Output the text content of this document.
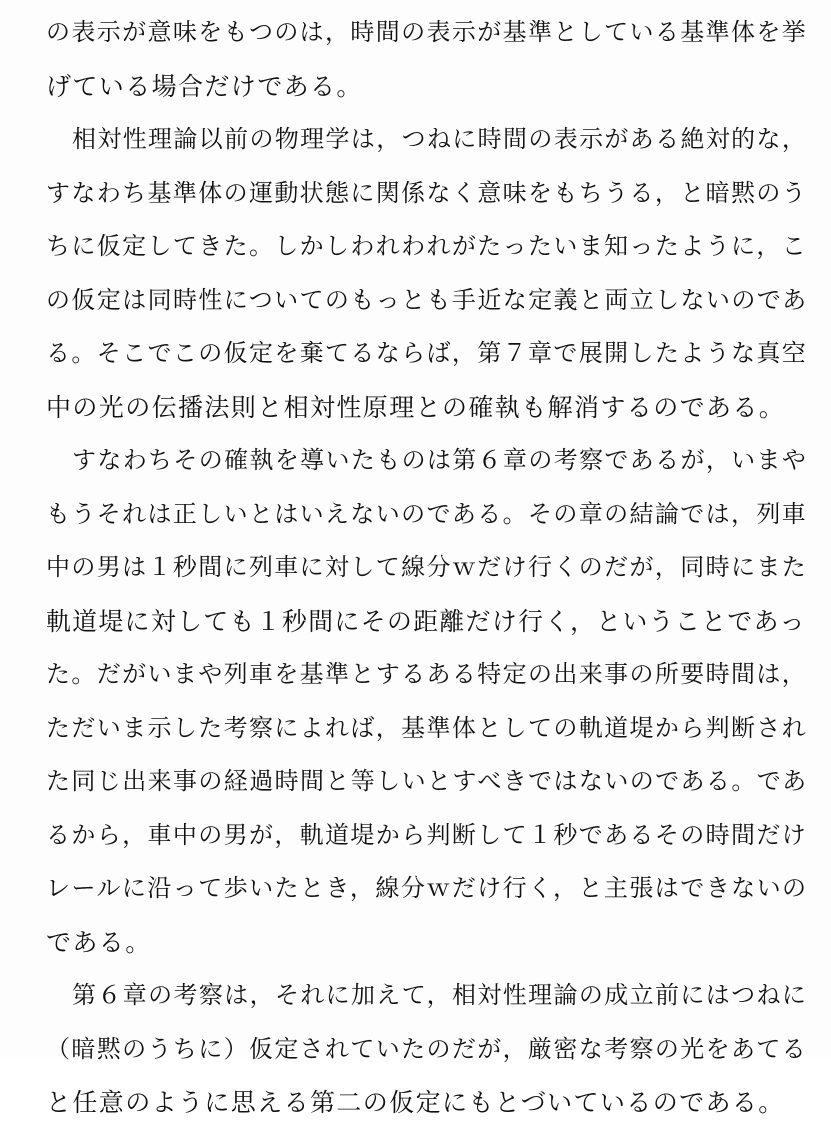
の表示が意味をもつのは，時間の表示が基準としている基準体を挙
げている場合だけである。
相対性理論以前の物理学は，つねに時間の表示がある絶対的な，
すなわち基準体の運動状態に関係なく意味をもちうる，と暗黙のう
ちに仮定してきた。しかしわれわれがたったいま知ったように，こ
の仮定は同時性についてのもっとも手近な定義と両立しないのであ
る。そこでこの仮定を棄てるならば，第７章で展開したような真空
中の光の伝播法則と相対性原理との確執も解消するのである。
すなわちその確執を導いたものは第６章の考察であるが，いまや
もうそれは正しいとはいえないのである。その章の結論では，列車
中の男は１秒間に列車に対して線分ｗだけ行くのだが，同時にまた
軌道堤に対しても１秒間にその距離だけ行く，ということであっ
た。だがいまや列車を基準とするある特定の出来事の所要時間は，
ただいま示した考察によれば，基準体としての軌道堤から判断され
た同じ出来事の経過時間と等しいとすべきではないのである。であ
るから，車中の男が，軌道堤から判断して１秒であるその時間だけ
レールに沿って歩いたとき，線分ｗだけ行く，と主張はできないの
である。
第６章の考察は，それに加えて，相対性理論の成立前にはつねに
（暗黙のうちに）仮定されていたのだが，厳密な考察の光をあてる
と任意のように思える第二の仮定にもとづいているのである。
